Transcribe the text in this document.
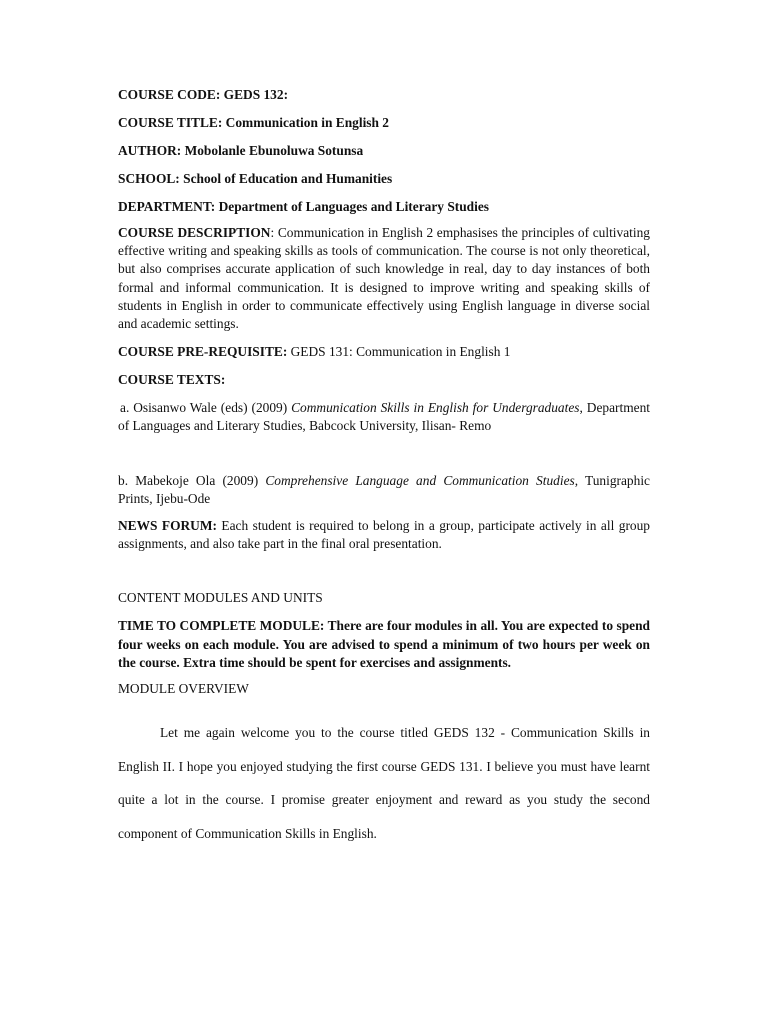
COURSE CODE: GEDS 132:

COURSE TITLE: Communication in English 2

AUTHOR: Mobolanle Ebunoluwa Sotunsa

SCHOOL: School of Education and Humanities

DEPARTMENT: Department of Languages and Literary Studies

COURSE DESCRIPTION: Communication in English 2 emphasises the principles of cultivating effective writing and speaking skills as tools of communication. The course is not only theoretical, but also comprises accurate application of such knowledge in real, day to day instances of both formal and informal communication. It is designed to improve writing and speaking skills of students in English in order to communicate effectively using English language in diverse social and academic settings.

COURSE PRE-REQUISITE: GEDS 131: Communication in English 1

COURSE TEXTS:

a. Osisanwo Wale (eds) (2009) Communication Skills in English for Undergraduates, Department of Languages and Literary Studies, Babcock University, Ilisan- Remo

b. Mabekoje Ola (2009) Comprehensive Language and Communication Studies, Tunigraphic Prints, Ijebu-Ode

NEWS FORUM: Each student is required to belong in a group, participate actively in all group assignments, and also take part in the final oral presentation.

CONTENT MODULES AND UNITS

TIME TO COMPLETE MODULE: There are four modules in all. You are expected to spend four weeks on each module. You are advised to spend a minimum of two hours per week on the course. Extra time should be spent for exercises and assignments.

MODULE OVERVIEW

Let me again welcome you to the course titled GEDS 132 - Communication Skills in English II. I hope you enjoyed studying the first course GEDS 131. I believe you must have learnt quite a lot in the course. I promise greater enjoyment and reward as you study the second component of Communication Skills in English.
